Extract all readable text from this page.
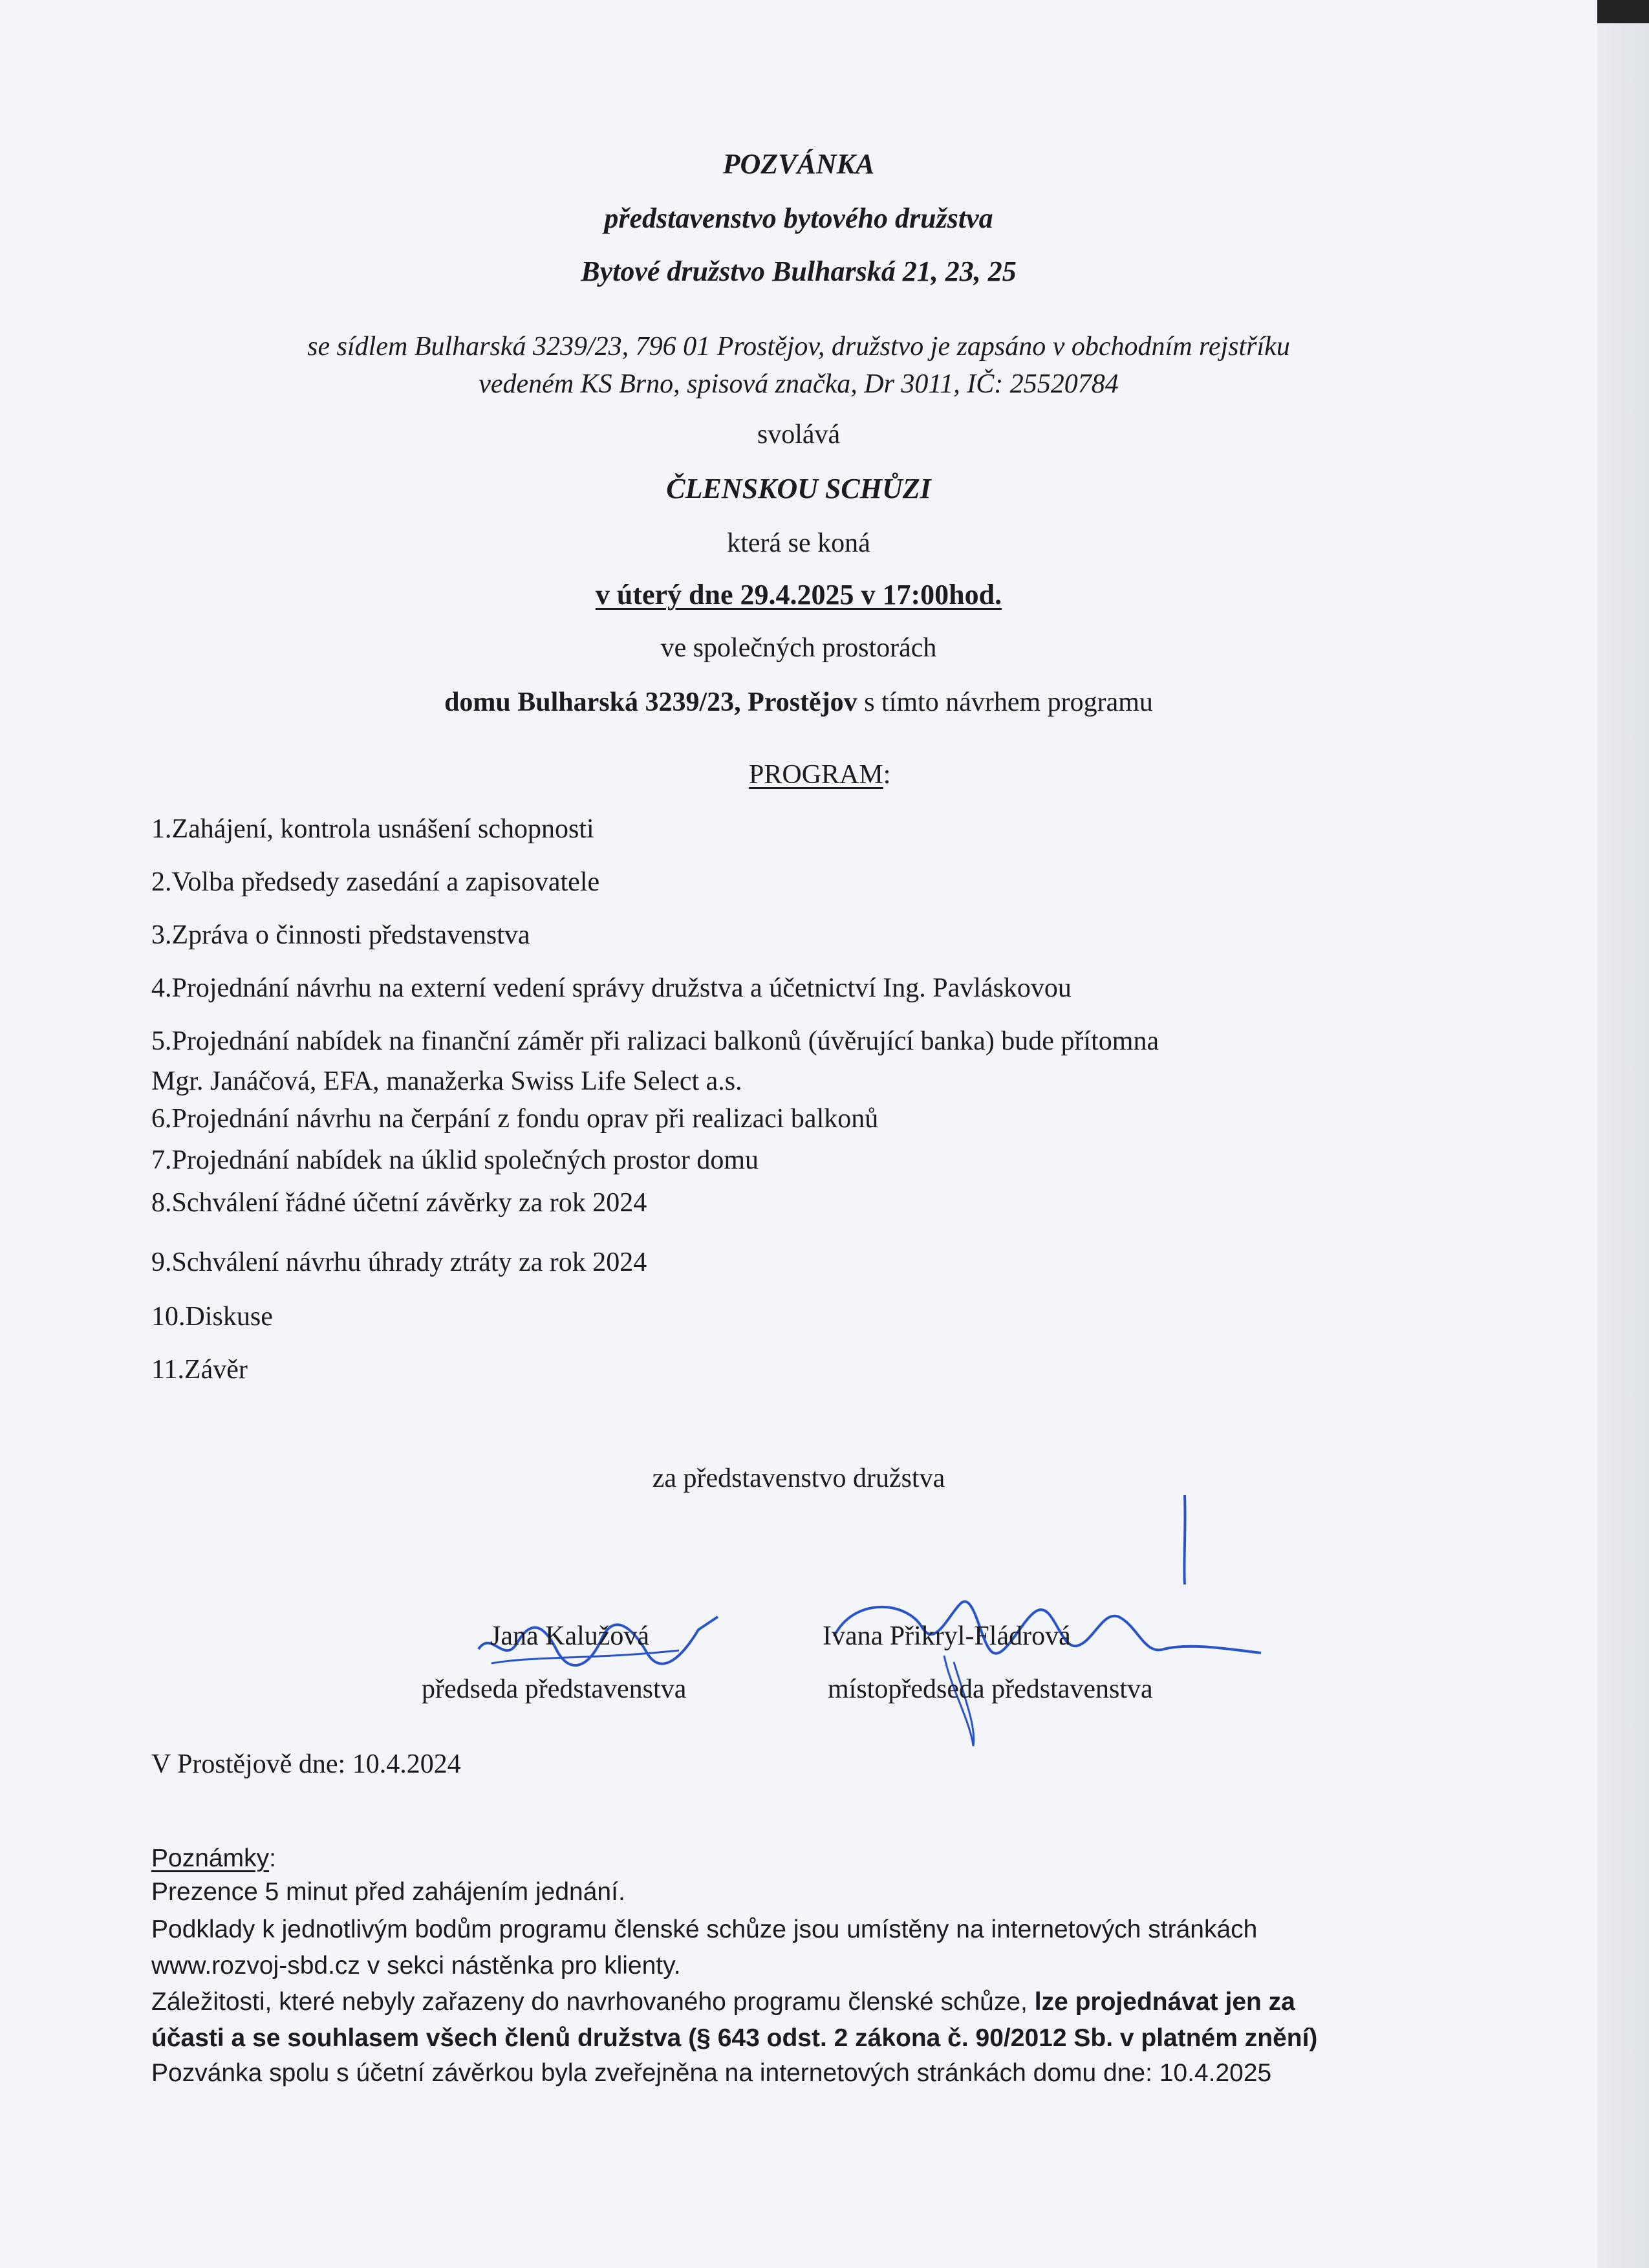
POZVÁNKA
představenstvo bytového družstva
Bytové družstvo Bulharská 21, 23, 25
se sídlem Bulharská 3239/23, 796 01 Prostějov, družstvo je zapsáno v obchodním rejstříku
vedeném KS Brno, spisová značka, Dr 3011, IČ: 25520784
svolává
ČLENSKOU SCHŮZI
která se koná
v úterý dne 29.4.2025 v 17:00hod.
ve společných prostorách
domu Bulharská 3239/23, Prostějov s tímto návrhem programu
PROGRAM:
1.Zahájení, kontrola usnášení schopnosti
2.Volba předsedy zasedání a zapisovatele
3.Zpráva o činnosti představenstva
4.Projednání návrhu na externí vedení správy družstva a účetnictví Ing. Pavláskovou
5.Projednání nabídek na finanční záměr při ralizaci balkonů (úvěrující banka) bude přítomna
Mgr. Janáčová, EFA, manažerka Swiss Life Select a.s.
6.Projednání návrhu na čerpání z fondu oprav při realizaci balkonů
7.Projednání nabídek na úklid společných prostor domu
8.Schválení řádné účetní závěrky za rok 2024
9.Schválení návrhu úhrady ztráty za rok 2024
10.Diskuse
11.Závěr
za představenstvo družstva
Jana Kalužová
předseda představenstva
Ivana Přikryl-Fládrová
místopředseda představenstva
V Prostějově dne: 10.4.2024
Poznámky:
Prezence 5 minut před zahájením jednání.
Podklady k jednotlivým bodům programu členské schůze jsou umístěny na internetových stránkách
www.rozvoj-sbd.cz v sekci nástěnka pro klienty.
Záležitosti, které nebyly zařazeny do navrhovaného programu členské schůze, lze projednávat jen za
účasti a se souhlasem všech členů družstva (§ 643 odst. 2 zákona č. 90/2012 Sb. v platném znění)
Pozvánka spolu s účetní závěrkou byla zveřejněna na internetových stránkách domu dne: 10.4.2025
